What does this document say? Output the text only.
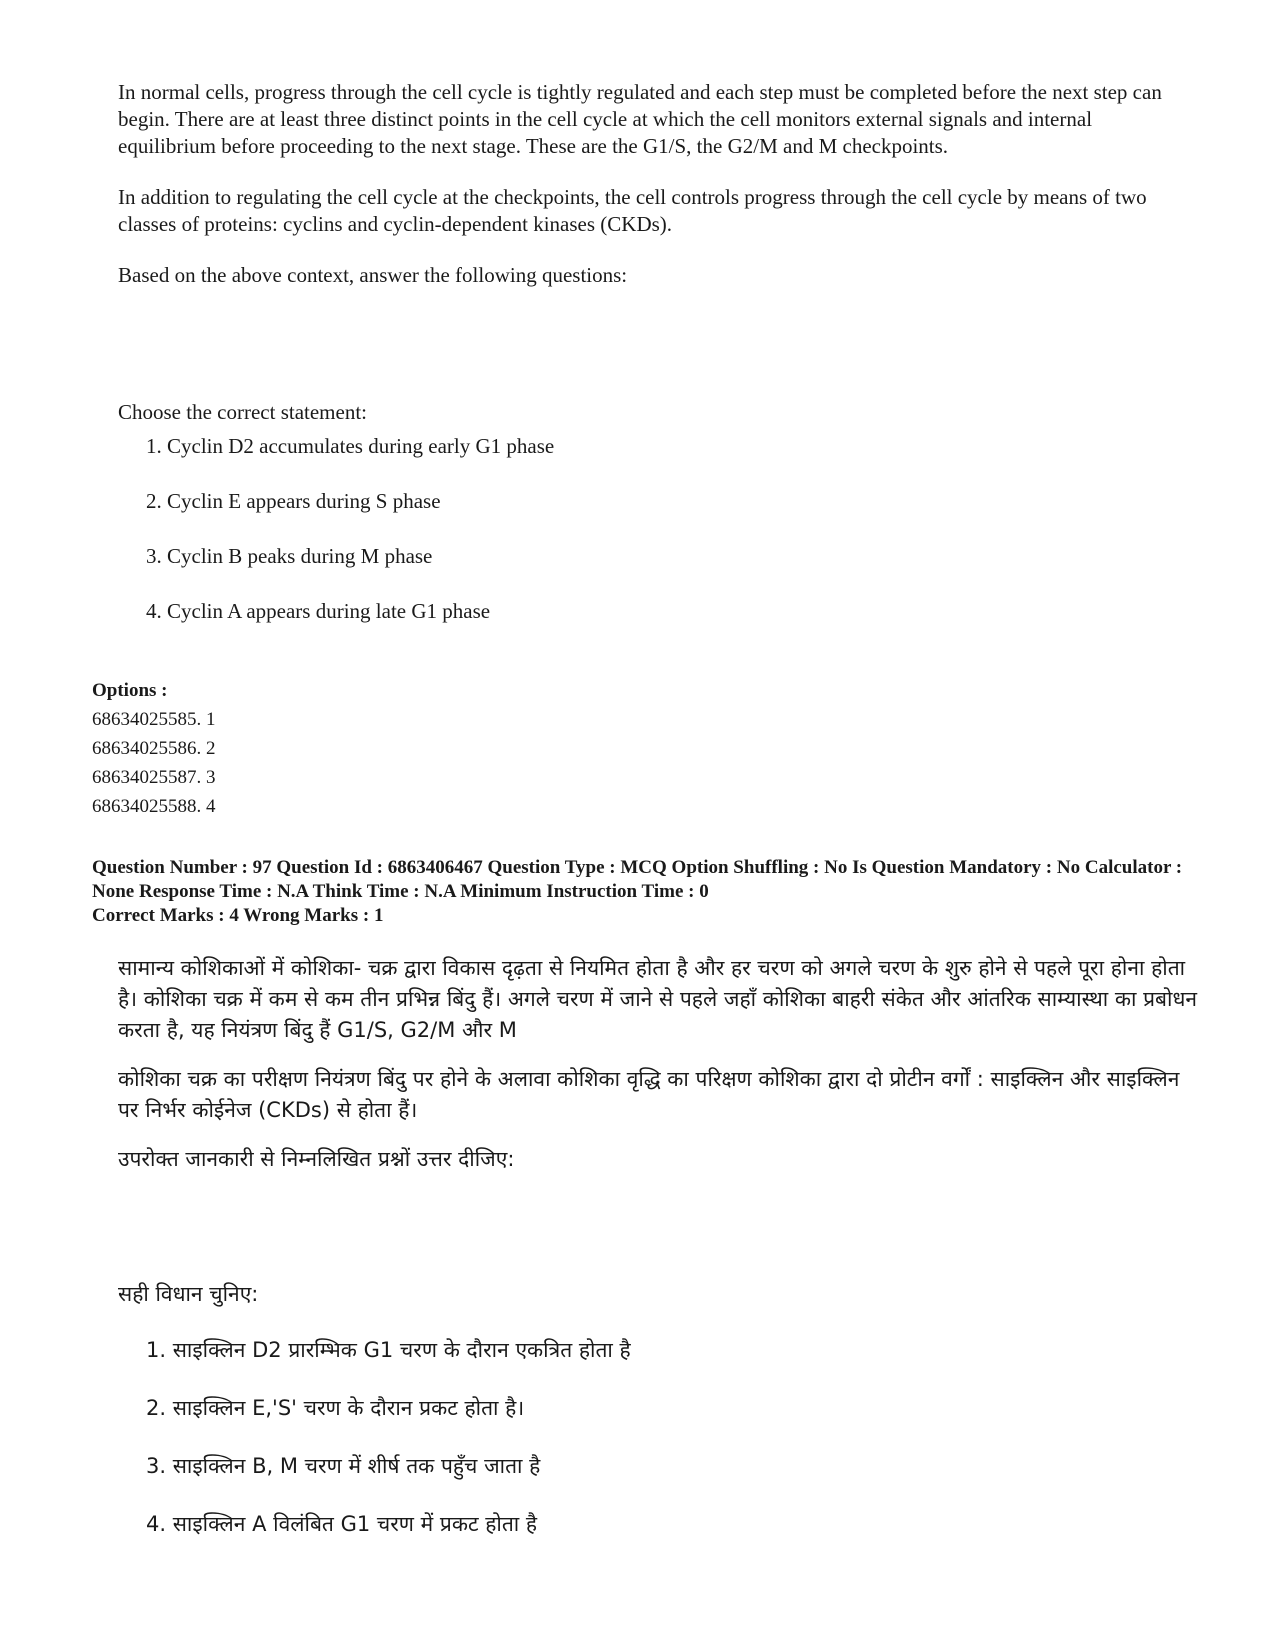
In normal cells, progress through the cell cycle is tightly regulated and each step must be completed before the next step can begin. There are at least three distinct points in the cell cycle at which the cell monitors external signals and internal equilibrium before proceeding to the next stage. These are the G1/S, the G2/M and M checkpoints.

In addition to regulating the cell cycle at the checkpoints, the cell controls progress through the cell cycle by means of two classes of proteins: cyclins and cyclin-dependent kinases (CKDs).

Based on the above context, answer the following questions:

Choose the correct statement:
1. Cyclin D2 accumulates during early G1 phase
2. Cyclin E appears during S phase
3. Cyclin B peaks during M phase
4. Cyclin A appears during late G1 phase
Options :
68634025585. 1
68634025586. 2
68634025587. 3
68634025588. 4

Question Number : 97 Question Id : 6863406467 Question Type : MCQ Option Shuffling : No Is Question Mandatory : No Calculator : None Response Time : N.A Think Time : N.A Minimum Instruction Time : 0

Correct Marks : 4 Wrong Marks : 1

सामान्य कोशिकाओं में कोशिका- चक्र द्वारा विकास दृढ़ता से नियमित होता है और हर चरण को अगले चरण के शुरु होने से पहले पूरा होना होता है। कोशिका चक्र में कम से कम तीन प्रभिन्न बिंदु हैं। अगले चरण में जाने से पहले जहाँ कोशिका बाहरी संकेत और आंतरिक साम्यास्था का प्रबोधन करता है, यह नियंत्रण बिंदु हैं G1/S, G2/M और M

कोशिका चक्र का परीक्षण नियंत्रण बिंदु पर होने के अलावा कोशिका वृद्धि का परिक्षण कोशिका द्वारा दो प्रोटीन वर्गों : साइक्लिन और साइक्लिन पर निर्भर कोईनेज (CKDs) से होता हैं।

उपरोक्त जानकारी से निम्नलिखित प्रश्नों उत्तर दीजिए:

सही विधान चुनिए:
1. साइक्लिन D2 प्रारम्भिक G1 चरण के दौरान एकत्रित होता है
2. साइक्लिन E,'S' चरण के दौरान प्रकट होता है।
3. साइक्लिन B, M चरण में शीर्ष तक पहुँच जाता है
4. साइक्लिन A विलंबित G1 चरण में प्रकट होता है
